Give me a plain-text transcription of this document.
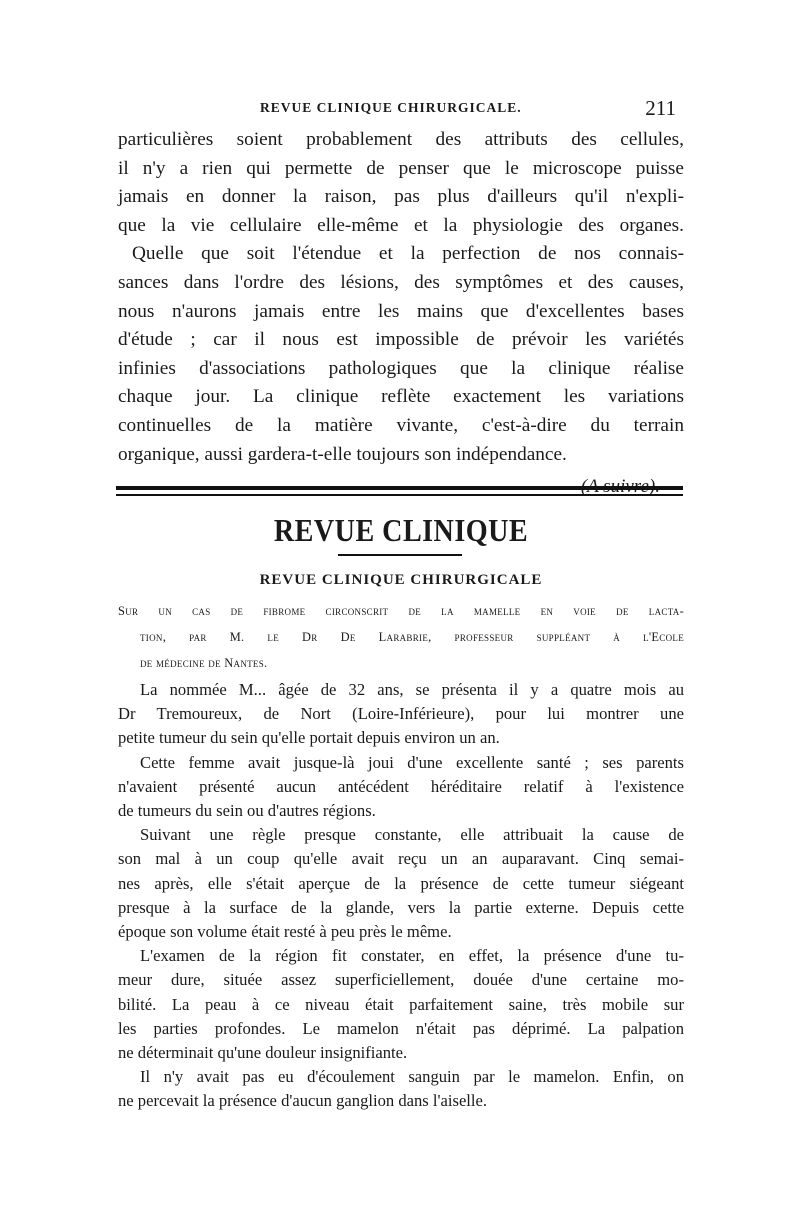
REVUE CLINIQUE CHIRURGICALE.	211
particulières soient probablement des attributs des cellules,
il n'y a rien qui permette de penser que le microscope puisse
jamais en donner la raison, pas plus d'ailleurs qu'il n'expli-
que la vie cellulaire elle-même et la physiologie des organes.
Quelle que soit l'étendue et la perfection de nos connais-
sances dans l'ordre des lésions, des symptômes et des causes,
nous n'aurons jamais entre les mains que d'excellentes bases
d'étude ; car il nous est impossible de prévoir les variétés
infinies d'associations pathologiques que la clinique réalise
chaque jour. La clinique reflète exactement les variations
continuelles de la matière vivante, c'est-à-dire du terrain
organique, aussi gardera-t-elle toujours son indépendance.
REVUE CLINIQUE
REVUE CLINIQUE CHIRURGICALE
Sur un cas de fibrome circonscrit de la mamelle en voie de lacta-
tion, par M. le Dr De Larabrie, professeur suppléant à l'Ecole
de médecine de Nantes.
La nommée M... âgée de 32 ans, se présenta il y a quatre mois au
Dr Tremoureux, de Nort (Loire-Inférieure), pour lui montrer une
petite tumeur du sein qu'elle portait depuis environ un an.
Cette femme avait jusque-là joui d'une excellente santé ; ses parents
n'avaient présenté aucun antécédent héréditaire relatif à l'existence
de tumeurs du sein ou d'autres régions.
Suivant une règle presque constante, elle attribuait la cause de
son mal à un coup qu'elle avait reçu un an auparavant. Cinq semai-
nes après, elle s'était aperçue de la présence de cette tumeur siégeant
presque à la surface de la glande, vers la partie externe. Depuis cette
époque son volume était resté à peu près le même.
L'examen de la région fit constater, en effet, la présence d'une tu-
meur dure, située assez superficiellement, douée d'une certaine mo-
bilité. La peau à ce niveau était parfaitement saine, très mobile sur
les parties profondes. Le mamelon n'était pas déprimé. La palpation
ne déterminait qu'une douleur insignifiante.
Il n'y avait pas eu d'écoulement sanguin par le mamelon. Enfin, on
ne percevait la présence d'aucun ganglion dans l'aiselle.
